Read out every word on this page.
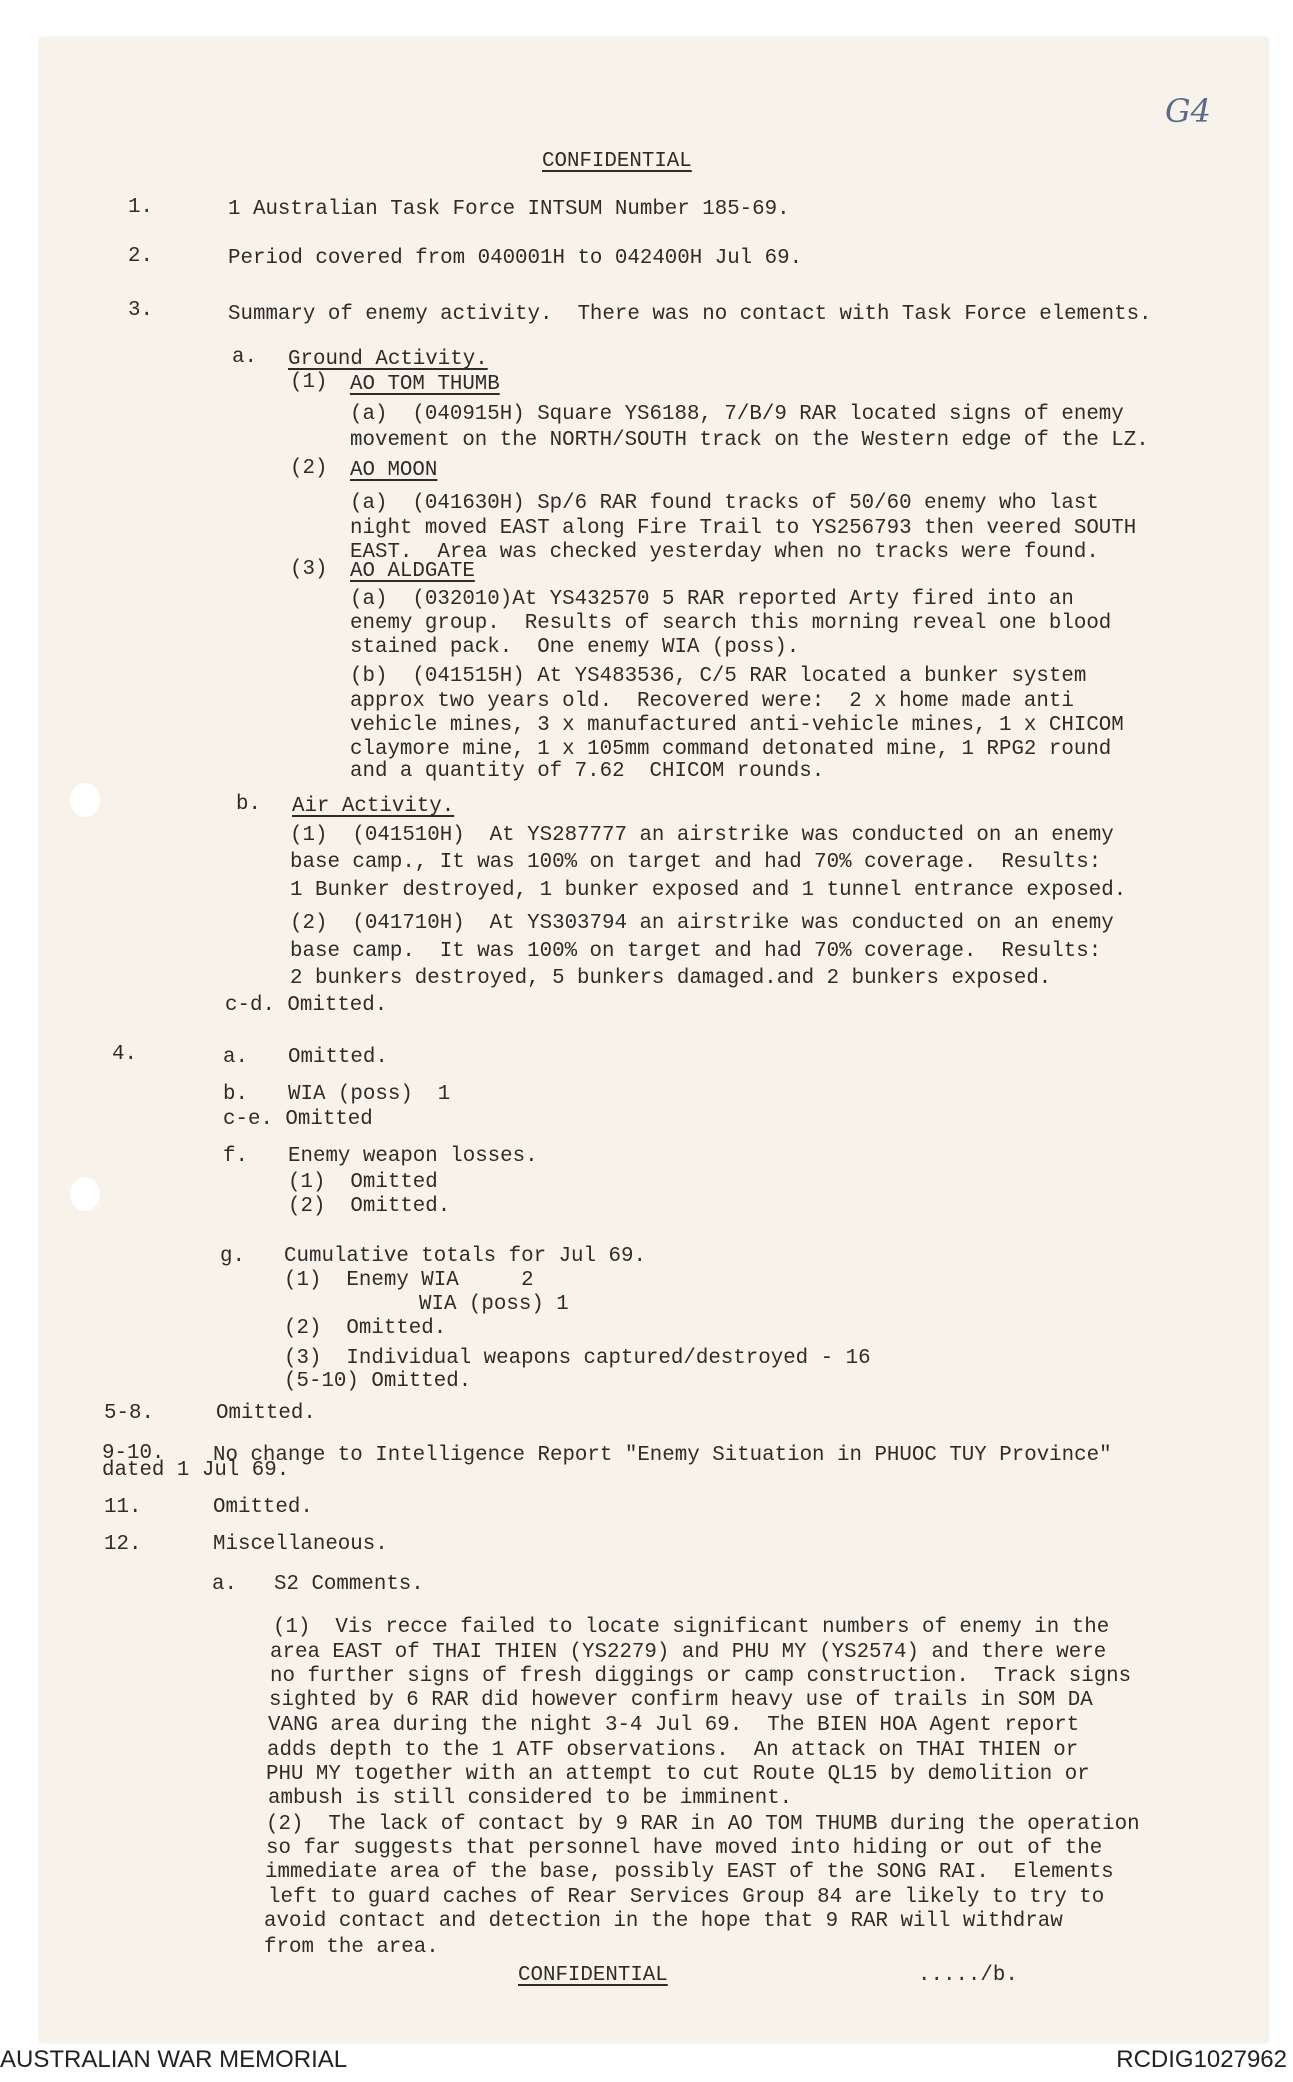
G4
CONFIDENTIAL
1.	1 Australian Task Force INTSUM Number 185-69.
2.	Period covered from 040001H to 042400H Jul 69.
3.	Summary of enemy activity.  There was no contact with Task Force elements.
a. Ground Activity.
(1) AO TOM THUMB
(a)  (040915H) Square YS6188, 7/B/9 RAR located signs of enemy
movement on the NORTH/SOUTH track on the Western edge of the LZ.
(2) AO MOON
(a)  (041630H) Sp/6 RAR found tracks of 50/60 enemy who last
night moved EAST along Fire Trail to YS256793 then veered SOUTH
EAST.  Area was checked yesterday when no tracks were found.
(3) AO ALDGATE
(a)  (032010)At YS432570 5 RAR reported Arty fired into an
enemy group.  Results of search this morning reveal one blood
stained pack.  One enemy WIA (poss).
(b)  (041515H) At YS483536, C/5 RAR located a bunker system
approx two years old.  Recovered were:  2 x home made anti
vehicle mines, 3 x manufactured anti-vehicle mines, 1 x CHICOM
claymore mine, 1 x 105mm command detonated mine, 1 RPG2 round
and a quantity of 7.62  CHICOM rounds.
b. Air Activity.
(1)  (041510H)  At YS287777 an airstrike was conducted on an enemy
base camp., It was 100% on target and had 70% coverage.  Results:
1 Bunker destroyed, 1 bunker exposed and 1 tunnel entrance exposed.
(2)  (041710H)  At YS303794 an airstrike was conducted on an enemy
base camp.  It was 100% on target and had 70% coverage.  Results:
2 bunkers destroyed, 5 bunkers damaged.and 2 bunkers exposed.
c-d. Omitted.
4.	a. Omitted.
b. WIA (poss)  1
c-e. Omitted
f. Enemy weapon losses.
(1)  Omitted
(2)  Omitted.
g. Cumulative totals for Jul 69.
(1)  Enemy WIA     2
WIA (poss) 1
(2)  Omitted.
(3)  Individual weapons captured/destroyed - 16
(5-10) Omitted.
5-8.	Omitted.
9-10. No change to Intelligence Report "Enemy Situation in PHUOC TUY Province"
dated 1 Jul 69.
11.	Omitted.
12.	Miscellaneous.
a. S2 Comments.
(1)  Vis recce failed to locate significant numbers of enemy in the
area EAST of THAI THIEN (YS2279) and PHU MY (YS2574) and there were
no further signs of fresh diggings or camp construction.  Track signs
sighted by 6 RAR did however confirm heavy use of trails in SOM DA
VANG area during the night 3-4 Jul 69.  The BIEN HOA Agent report
adds depth to the 1 ATF observations.  An attack on THAI THIEN or
PHU MY together with an attempt to cut Route QL15 by demolition or
ambush is still considered to be imminent.
(2)  The lack of contact by 9 RAR in AO TOM THUMB during the operation
so far suggests that personnel have moved into hiding or out of the
immediate area of the base, possibly EAST of the SONG RAI.  Elements
left to guard caches of Rear Services Group 84 are likely to try to
avoid contact and detection in the hope that 9 RAR will withdraw
from the area.
CONFIDENTIAL	...../b.
AUSTRALIAN WAR MEMORIAL	RCDIG1027962
